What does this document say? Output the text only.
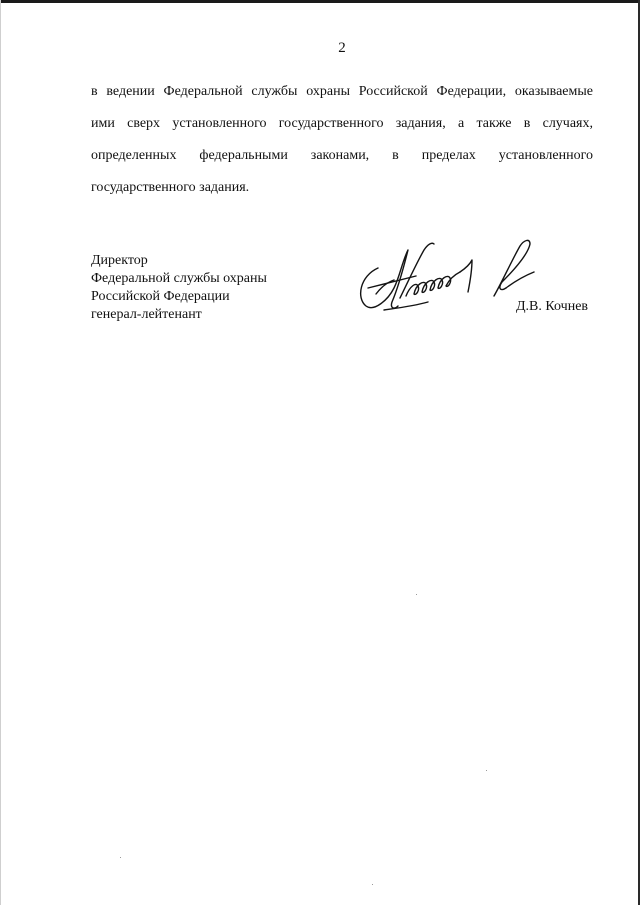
2
в ведении Федеральной службы охраны Российской Федерации, оказываемые
ими сверх установленного государственного задания, а также в случаях,
определенных федеральными законами, в пределах установленного
государственного задания.
Директор
Федеральной службы охраны
Российской Федерации
генерал-лейтенант
Д.В. Кочнев
